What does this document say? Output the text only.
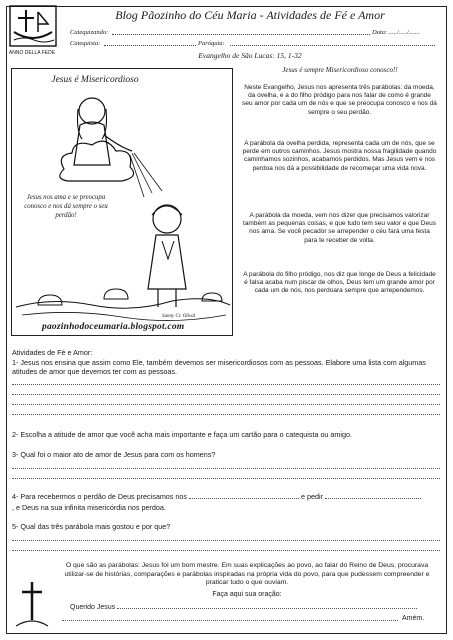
ANNO DELLA FEDE
Blog Pãozinho do Céu Maria - Atividades de Fé e Amor
Catequizando:	Data: ...../...../.......
Catequista:	Paróquia:
Evangelho de São Lucas: 15, 1-32
Jesus é Misericordioso
Jesus nos ama e se preocupa conosco e nos dá sempre o seu perdão!
Sunny Cr. Olival
paozinhodoceumaria.blogspot.com
Jesus é sempre Misericordioso conosco!!
Neste Evangelho, Jesus nos apresenta três parábolas: da moeda, da ovelha, e a do filho pródigo para nos falar de como é grande seu amor por cada um de nós e que se preocupa conosco e nos dá sempre o seu perdão.
A parábola da ovelha perdida, representa cada um de nós, que se perde em outros caminhos. Jesus mostra nossa fragilidade quando caminhamos sozinhos, acabamos perdidos. Mas Jesus vem e nos perdoa nos dá a possibilidade de recomeçar uma vida nova.
A parábola da moeda, vem nos dizer que precisamos valorizar também as pequenas coisas, e que tudo tem seu valor e que Deus nos ama. Se você pecador se arrepender o céu fará uma festa para te receber de volta.
A parábola do filho pródigo, nos diz que longe de Deus a felicidade é falsa acaba num piscar de olhos, Deus tem um grande amor por cada um de nós, nos perdoara sempre que arrependemos.
Atividades de Fé e Amor:
1- Jesus nos ensina que assim como Ele, também devemos ser misericordiosos com as pessoas. Elabore uma lista com algumas atitudes de amor que devemos ter com as pessoas.
2- Escolha a atitude de amor que você acha mais importante e faça um cartão para o catequista ou amigo.
3- Qual foi o maior ato de amor de Jesus para com os homens?
4- Para recebermos o perdão de Deus precisamos nos	e pedir
, e Deus na sua infinita misericórdia nos perdoa.
5- Qual das três parábola mais gostou e por que?
O que são as parábolas: Jesus foi um bom mestre. Em suas explicações ao povo, ao falar do Reino de Deus, procurava utilizar-se de histórias, comparações e parábolas inspiradas na própria vida do povo, para que pudessem compreender e praticar tudo o que ouviam.
Faça aqui sua oração:
Querido Jesus
Amém.
